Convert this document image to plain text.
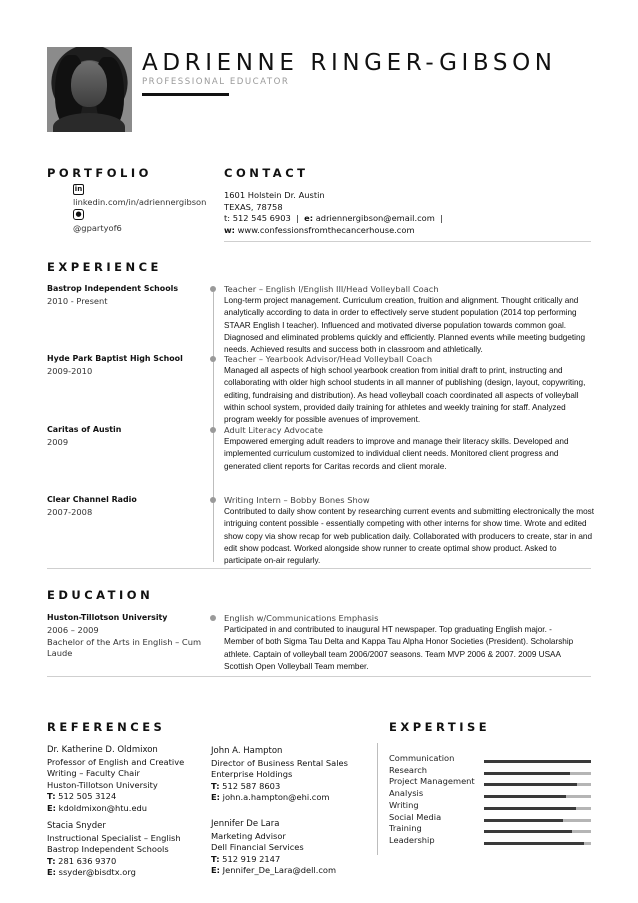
ADRIENNE RINGER-GIBSON
PROFESSIONAL EDUCATOR
PORTFOLIO
in
linkedin.com/in/adriennergibson
●
@gpartyof6
CONTACT
1601 Holstein Dr. Austin
TEXAS, 78758
t: 512 545 6903 | e: adriennergibson@email.com |
w: www.confessionsfromthecancerhouse.com
EXPERIENCE
Bastrop Independent Schools
2010 - Present
Teacher – English I/English III/Head Volleyball Coach
Long-term project management. Curriculum creation, fruition and alignment. Thought critically and analytically according to data in order to effectively serve student population (2014 top performing STAAR English I teacher). Influenced and motivated diverse population towards common goal. Diagnosed and eliminated problems quickly and efficiently. Planned events while meeting budgeting needs. Achieved results and success both in classroom and athletically.
Hyde Park Baptist High School
2009-2010
Teacher – Yearbook Advisor/Head Volleyball Coach
Managed all aspects of high school yearbook creation from initial draft to print, instructing and collaborating with older high school students in all manner of publishing (design, layout, copywriting, editing, fundraising and distribution). As head volleyball coach coordinated all aspects of volleyball within school system, provided daily training for athletes and weekly training for staff. Analyzed program weekly for possible avenues of improvement.
Caritas of Austin
2009
Adult Literacy Advocate
Empowered emerging adult readers to improve and manage their literacy skills. Developed and implemented curriculum customized to individual client needs. Monitored client progress and generated client reports for Caritas records and client morale.
Clear Channel Radio
2007-2008
Writing Intern – Bobby Bones Show
Contributed to daily show content by researching current events and submitting electronically the most intriguing content possible - essentially competing with other interns for show time. Wrote and edited show copy via show recap for web publication daily. Collaborated with producers to create, star in and edit show podcast. Worked alongside show runner to create optimal show product. Asked to participate on-air regularly.
EDUCATION
Huston-Tillotson University
2006 – 2009
Bachelor of the Arts in English – Cum Laude
English w/Communications Emphasis
Participated in and contributed to inaugural HT newspaper. Top graduating English major. - Member of both Sigma Tau Delta and Kappa Tau Alpha Honor Societies (President). Scholarship athlete. Captain of volleyball team 2006/2007 seasons. Team MVP 2006 & 2007. 2009 USAA Scottish Open Volleyball Team member.
REFERENCES
Dr. Katherine D. Oldmixon
Professor of English and Creative
Writing – Faculty Chair
Huston-Tillotson University
T: 512 505 3124
E: kdoldmixon@htu.edu
Stacia Snyder
Instructional Specialist – English
Bastrop Independent Schools
T: 281 636 9370
E: ssyder@bisdtx.org
John A. Hampton
Director of Business Rental Sales
Enterprise Holdings
T: 512 587 8603
E: john.a.hampton@ehi.com
Jennifer De Lara
Marketing Advisor
Dell Financial Services
T: 512 919 2147
E: Jennifer_De_Lara@dell.com
EXPERTISE
Communication
Research
Project Management
Analysis
Writing
Social Media
Training
Leadership
